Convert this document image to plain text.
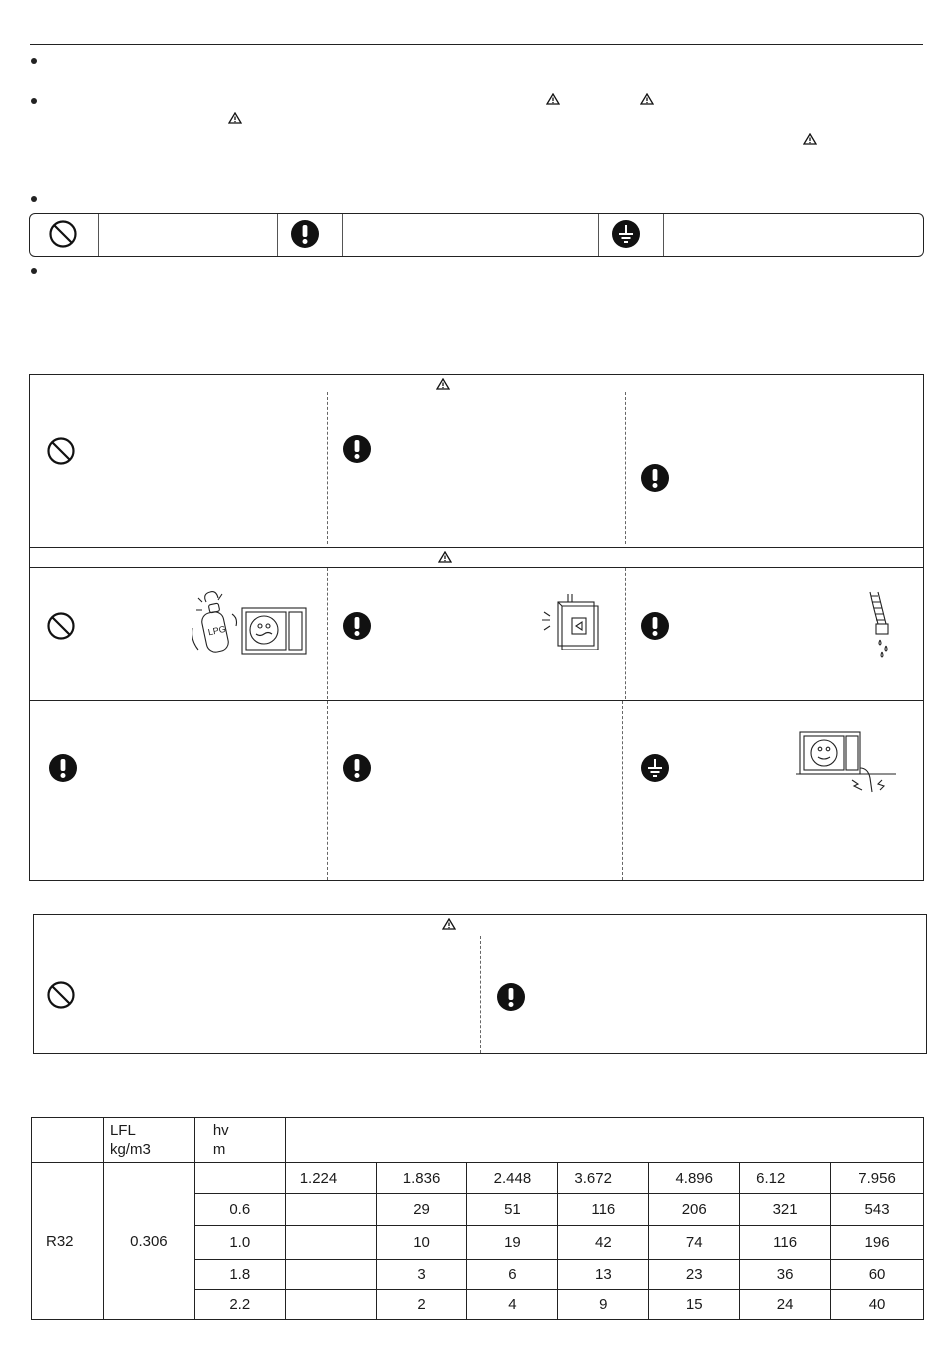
LPG
	LFL
kg/m3	hv
m							
R32	0.306		1.224	1.836	2.448	3.672	4.896	6.12	7.956
		0.6		29	51	116	206	321	543
		1.0		10	19	42	74	116	196
		1.8		3	6	13	23	36	60
		2.2		2	4	9	15	24	40
